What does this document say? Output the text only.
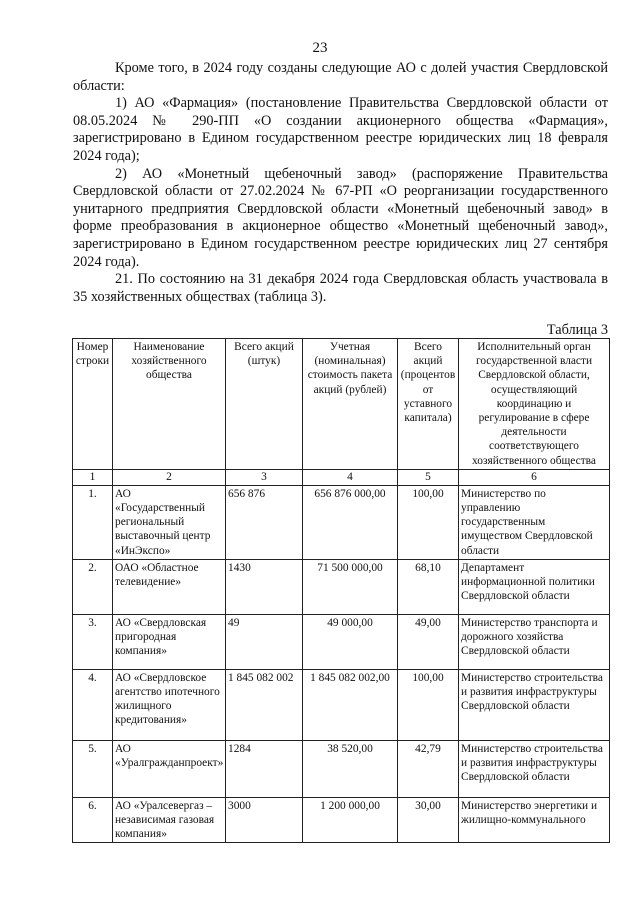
23

Кроме того, в 2024 году созданы следующие АО с долей участия Свердловской области:

1) АО «Фармация» (постановление Правительства Свердловской области от 08.05.2024 № 290-ПП «О создании акционерного общества «Фармация», зарегистрировано в Едином государственном реестре юридических лиц 18 февраля 2024 года);

2) АО «Монетный щебеночный завод» (распоряжение Правительства Свердловской области от 27.02.2024 № 67-РП «О реорганизации государственного унитарного предприятия Свердловской области «Монетный щебеночный завод» в форме преобразования в акционерное общество «Монетный щебеночный завод», зарегистрировано в Едином государственном реестре юридических лиц 27 сентября 2024 года).

21. По состоянию на 31 декабря 2024 года Свердловская область участвовала в 35 хозяйственных обществах (таблица 3).

Таблица 3
Номер строки	Наименование хозяйственного общества	Всего акций (штук)	Учетная (номинальная) стоимость пакета акций (рублей)	Всего акций (процентов от уставного капитала)	Исполнительный орган государственной власти Свердловской области, осуществляющий координацию и регулирование в сфере деятельности соответствующего хозяйственного общества
1	2	3	4	5	6
1.	АО «Государственный региональный выставочный центр «ИнЭкспо»	656 876	656 876 000,00	100,00	Министерство по управлению государственным имуществом Свердловской области
2.	ОАО «Областное телевидение»	1430	71 500 000,00	68,10	Департамент информационной политики Свердловской области
3.	АО «Свердловская пригородная компания»	49	49 000,00	49,00	Министерство транспорта и дорожного хозяйства Свердловской области
4.	АО «Свердловское агентство ипотечного жилищного кредитования»	1 845 082 002	1 845 082 002,00	100,00	Министерство строительства и развития инфраструктуры Свердловской области
5.	АО «Уралгражданпроект»	1284	38 520,00	42,79	Министерство строительства и развития инфраструктуры Свердловской области
6.	АО «Уралсевергаз – независимая газовая компания»	3000	1 200 000,00	30,00	Министерство энергетики и жилищно-коммунального
